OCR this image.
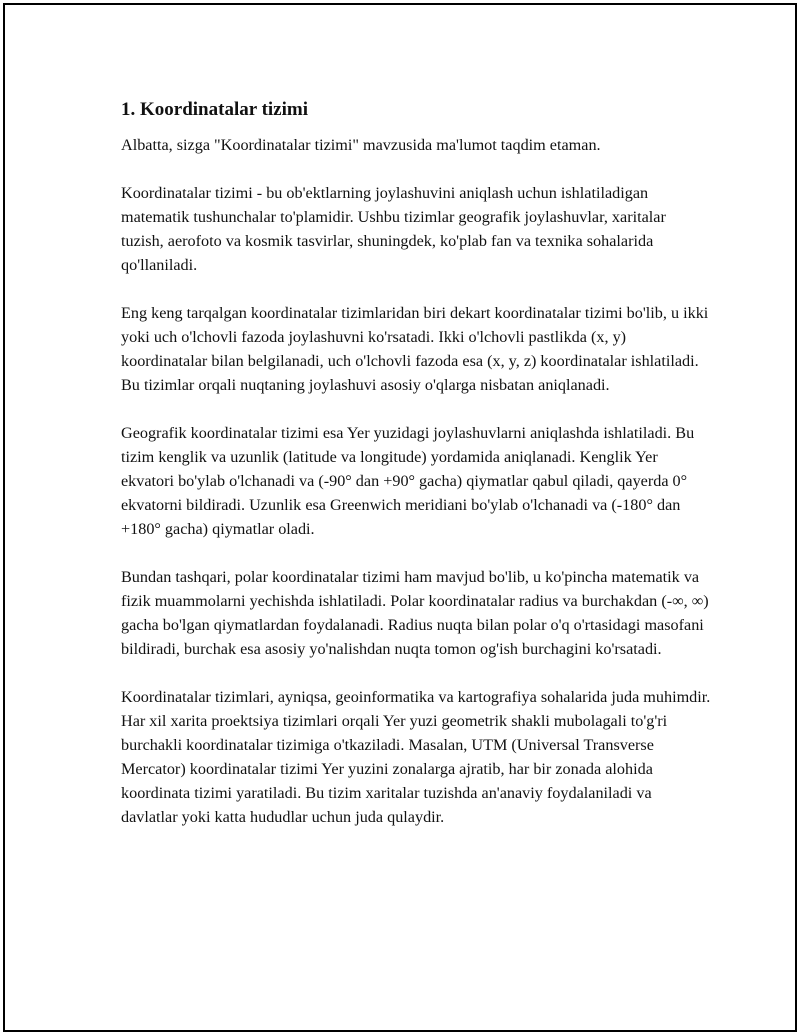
1. Koordinatalar tizimi

Albatta, sizga "Koordinatalar tizimi" mavzusida ma'lumot taqdim etaman.

Koordinatalar tizimi - bu ob'ektlarning joylashuvini aniqlash uchun ishlatiladigan matematik tushunchalar to'plamidir. Ushbu tizimlar geografik joylashuvlar, xaritalar tuzish, aerofoto va kosmik tasvirlar, shuningdek, ko'plab fan va texnika sohalarida qo'llaniladi.

Eng keng tarqalgan koordinatalar tizimlaridan biri dekart koordinatalar tizimi bo'lib, u ikki yoki uch o'lchovli fazoda joylashuvni ko'rsatadi. Ikki o'lchovli pastlikda (x, y) koordinatalar bilan belgilanadi, uch o'lchovli fazoda esa (x, y, z) koordinatalar ishlatiladi. Bu tizimlar orqali nuqtaning joylashuvi asosiy o'qlarga nisbatan aniqlanadi.

Geografik koordinatalar tizimi esa Yer yuzidagi joylashuvlarni aniqlashda ishlatiladi. Bu tizim kenglik va uzunlik (latitude va longitude) yordamida aniqlanadi. Kenglik Yer ekvatori bo'ylab o'lchanadi va (-90° dan +90° gacha) qiymatlar qabul qiladi, qayerda 0° ekvatorni bildiradi. Uzunlik esa Greenwich meridiani bo'ylab o'lchanadi va (-180° dan +180° gacha) qiymatlar oladi.

Bundan tashqari, polar koordinatalar tizimi ham mavjud bo'lib, u ko'pincha matematik va fizik muammolarni yechishda ishlatiladi. Polar koordinatalar radius va burchakdan (-∞, ∞) gacha bo'lgan qiymatlardan foydalanadi. Radius nuqta bilan polar o'q o'rtasidagi masofani bildiradi, burchak esa asosiy yo'nalishdan nuqta tomon og'ish burchagini ko'rsatadi.

Koordinatalar tizimlari, ayniqsa, geoinformatika va kartografiya sohalarida juda muhimdir. Har xil xarita proektsiya tizimlari orqali Yer yuzi geometrik shakli mubolagali to'g'ri burchakli koordinatalar tizimiga o'tkaziladi. Masalan, UTM (Universal Transverse Mercator) koordinatalar tizimi Yer yuzini zonalarga ajratib, har bir zonada alohida koordinata tizimi yaratiladi. Bu tizim xaritalar tuzishda an'anaviy foydalaniladi va davlatlar yoki katta hududlar uchun juda qulaydir.
